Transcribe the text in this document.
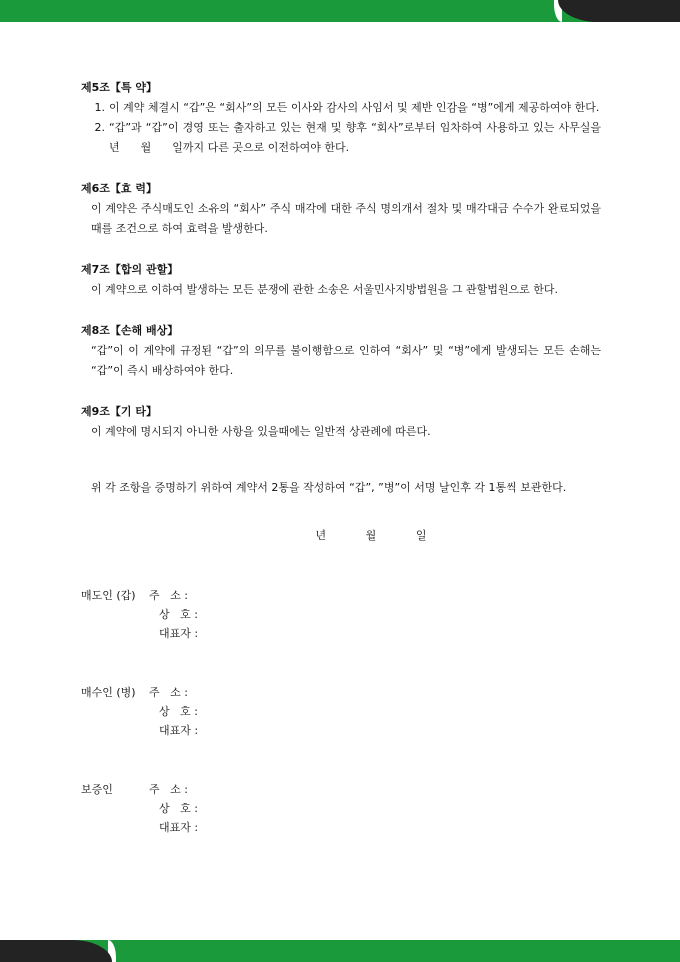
제5조【특 약】
1. 이 계약 체결시 “갑”은 “회사”의 모든 이사와 감사의 사임서 및 제반 인감을 “병”에게 제공하여야 한다.
2. “갑”과 “갑”이 경영 또는 출자하고 있는 현재 및 향후 “회사”로부터 임차하여 사용하고 있는 사무실을        년      월      일까지 다른 곳으로 이전하여야 한다.
제6조【효 력】
이 계약은 주식매도인 소유의 “회사” 주식 매각에 대한 주식 명의개서 절차 및 매각대금 수수가 완료되었을 때를 조건으로 하여 효력을 발생한다.
제7조【합의 관할】
이 계약으로 이하여 발생하는 모든 분쟁에 관한 소송은 서울민사지방법원을 그 관할법원으로 한다.
제8조【손해 배상】
“갑”이 이 계약에 규정된 “갑”의 의무를 불이행함으로 인하여 “회사” 및 “병”에게 발생되는 모든 손해는 “갑”이 즉시 배상하여야 한다.
제9조【기 타】
이 계약에 명시되지 아니한 사항을 있을때에는 일반적 상관례에 따른다.
위 각 조항을 증명하기 위하여 계약서 2통을 작성하여 “갑”, ”병”이 서명 날인후 각 1통씩 보관한다.
년	월	일
매도인 (갑)	주   소 :
상   호 :
대표자 :
매수인 (병)	주   소 :
상   호 :
대표자 :
보증인	주   소 :
상   호 :
대표자 :
